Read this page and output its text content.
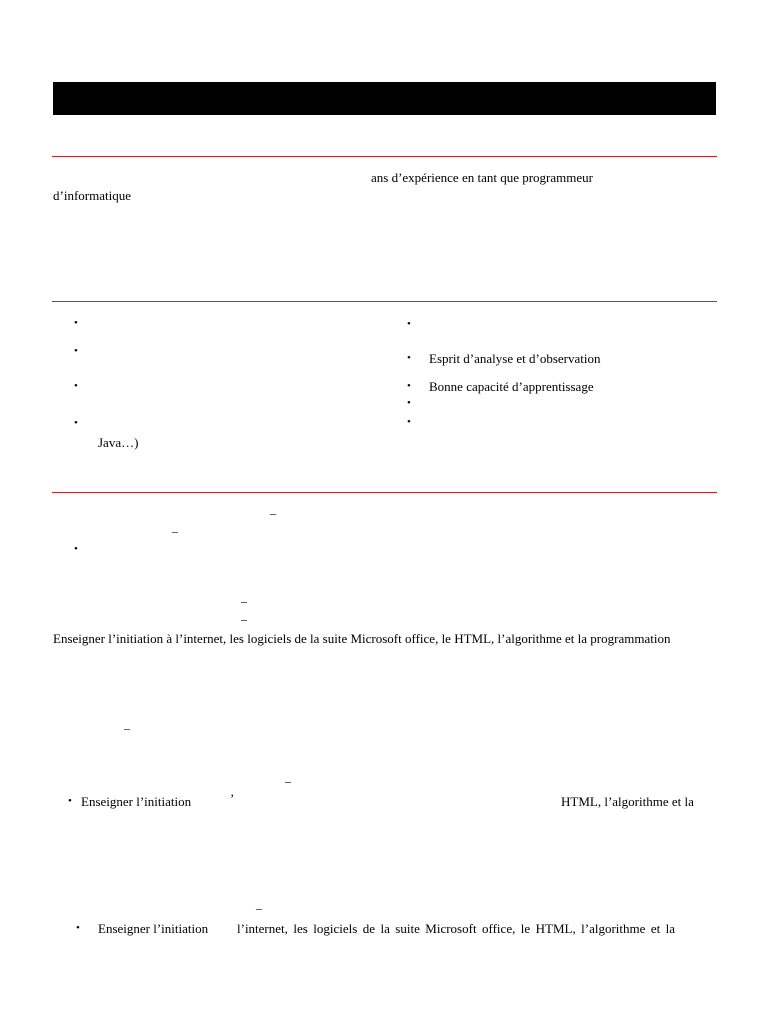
ans d’expérience en tant que programmeur
d’informatique
•
•
•
•
Java…)
•
• Esprit d’analyse et d’observation
• Bonne capacité d’apprentissage
•
•
–
–
•
–
–
Enseigner l’initiation à l’internet, les logiciels de la suite Microsoft office, le HTML, l’algorithme et la programmation
–
–
• Enseigner l’initiation	’	HTML, l’algorithme et la
–
• Enseigner l’initiation l’internet, les logiciels de la suite Microsoft office, le HTML, l’algorithme et la
